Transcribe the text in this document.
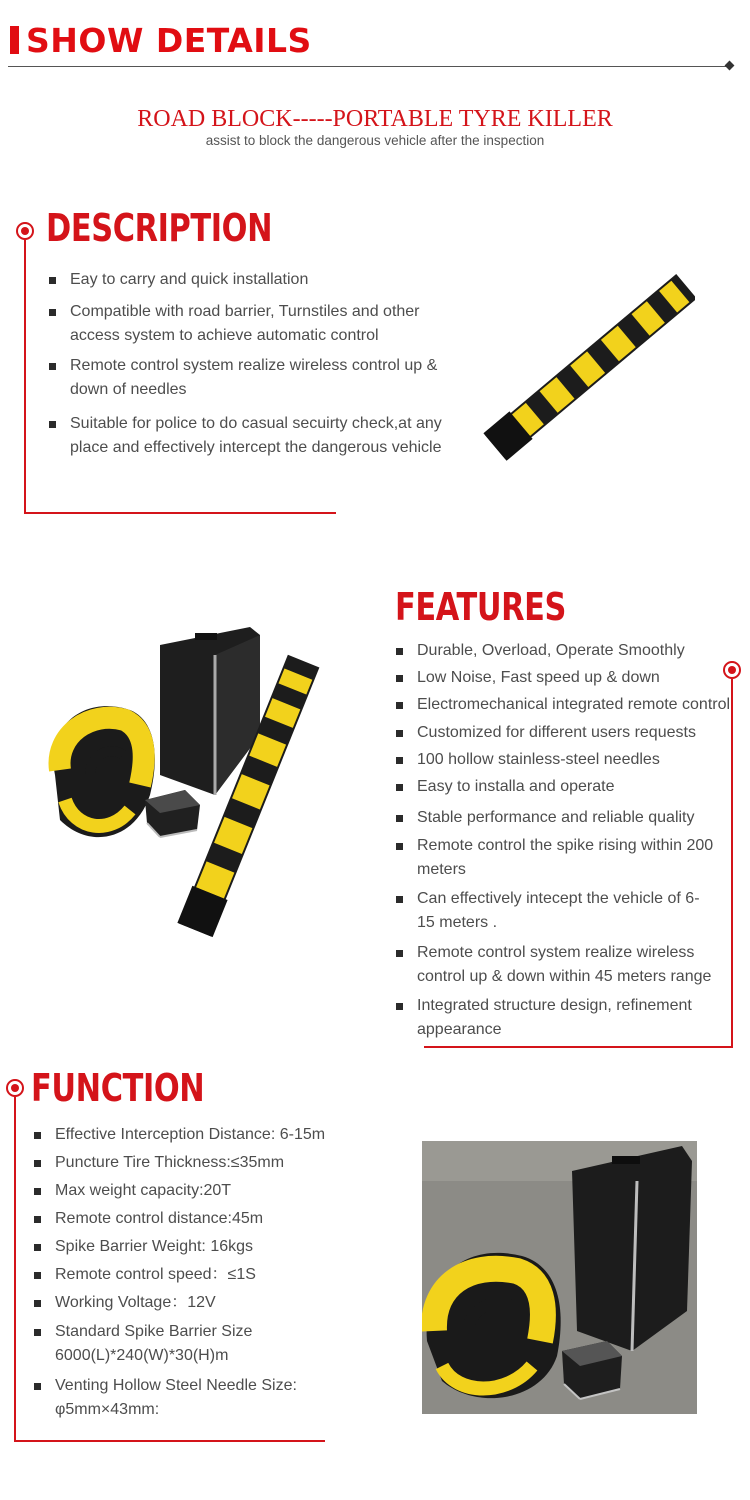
SHOW DETAILS
ROAD BLOCK-----PORTABLE TYRE KILLER
assist to block the dangerous vehicle after the inspection
DESCRIPTION
Eay to carry and quick installation
Compatible with road barrier, Turnstiles and other access system to achieve automatic control
Remote control system realize wireless control up & down of needles
Suitable for police to do casual secuirty check,at any place and effectively intercept the dangerous vehicle
FEATURES
Durable, Overload, Operate Smoothly
Low Noise, Fast speed up & down
Electromechanical integrated remote control
Customized for different users requests
100 hollow stainless-steel needles
Easy to installa and operate
Stable performance and reliable quality
Remote control the spike rising within 200 meters
Can effectively intecept the vehicle of 6-15 meters .
Remote control system realize wireless control up & down within 45 meters range
Integrated structure design, refinement appearance
FUNCTION
Effective Interception Distance: 6-15m
Puncture Tire Thickness:≤35mm
Max weight capacity:20T
Remote control distance:45m
Spike Barrier Weight: 16kgs
Remote control speed：≤1S
Working Voltage：12V
Standard Spike Barrier Size 6000(L)*240(W)*30(H)m
Venting Hollow Steel Needle Size: φ5mm×43mm:
